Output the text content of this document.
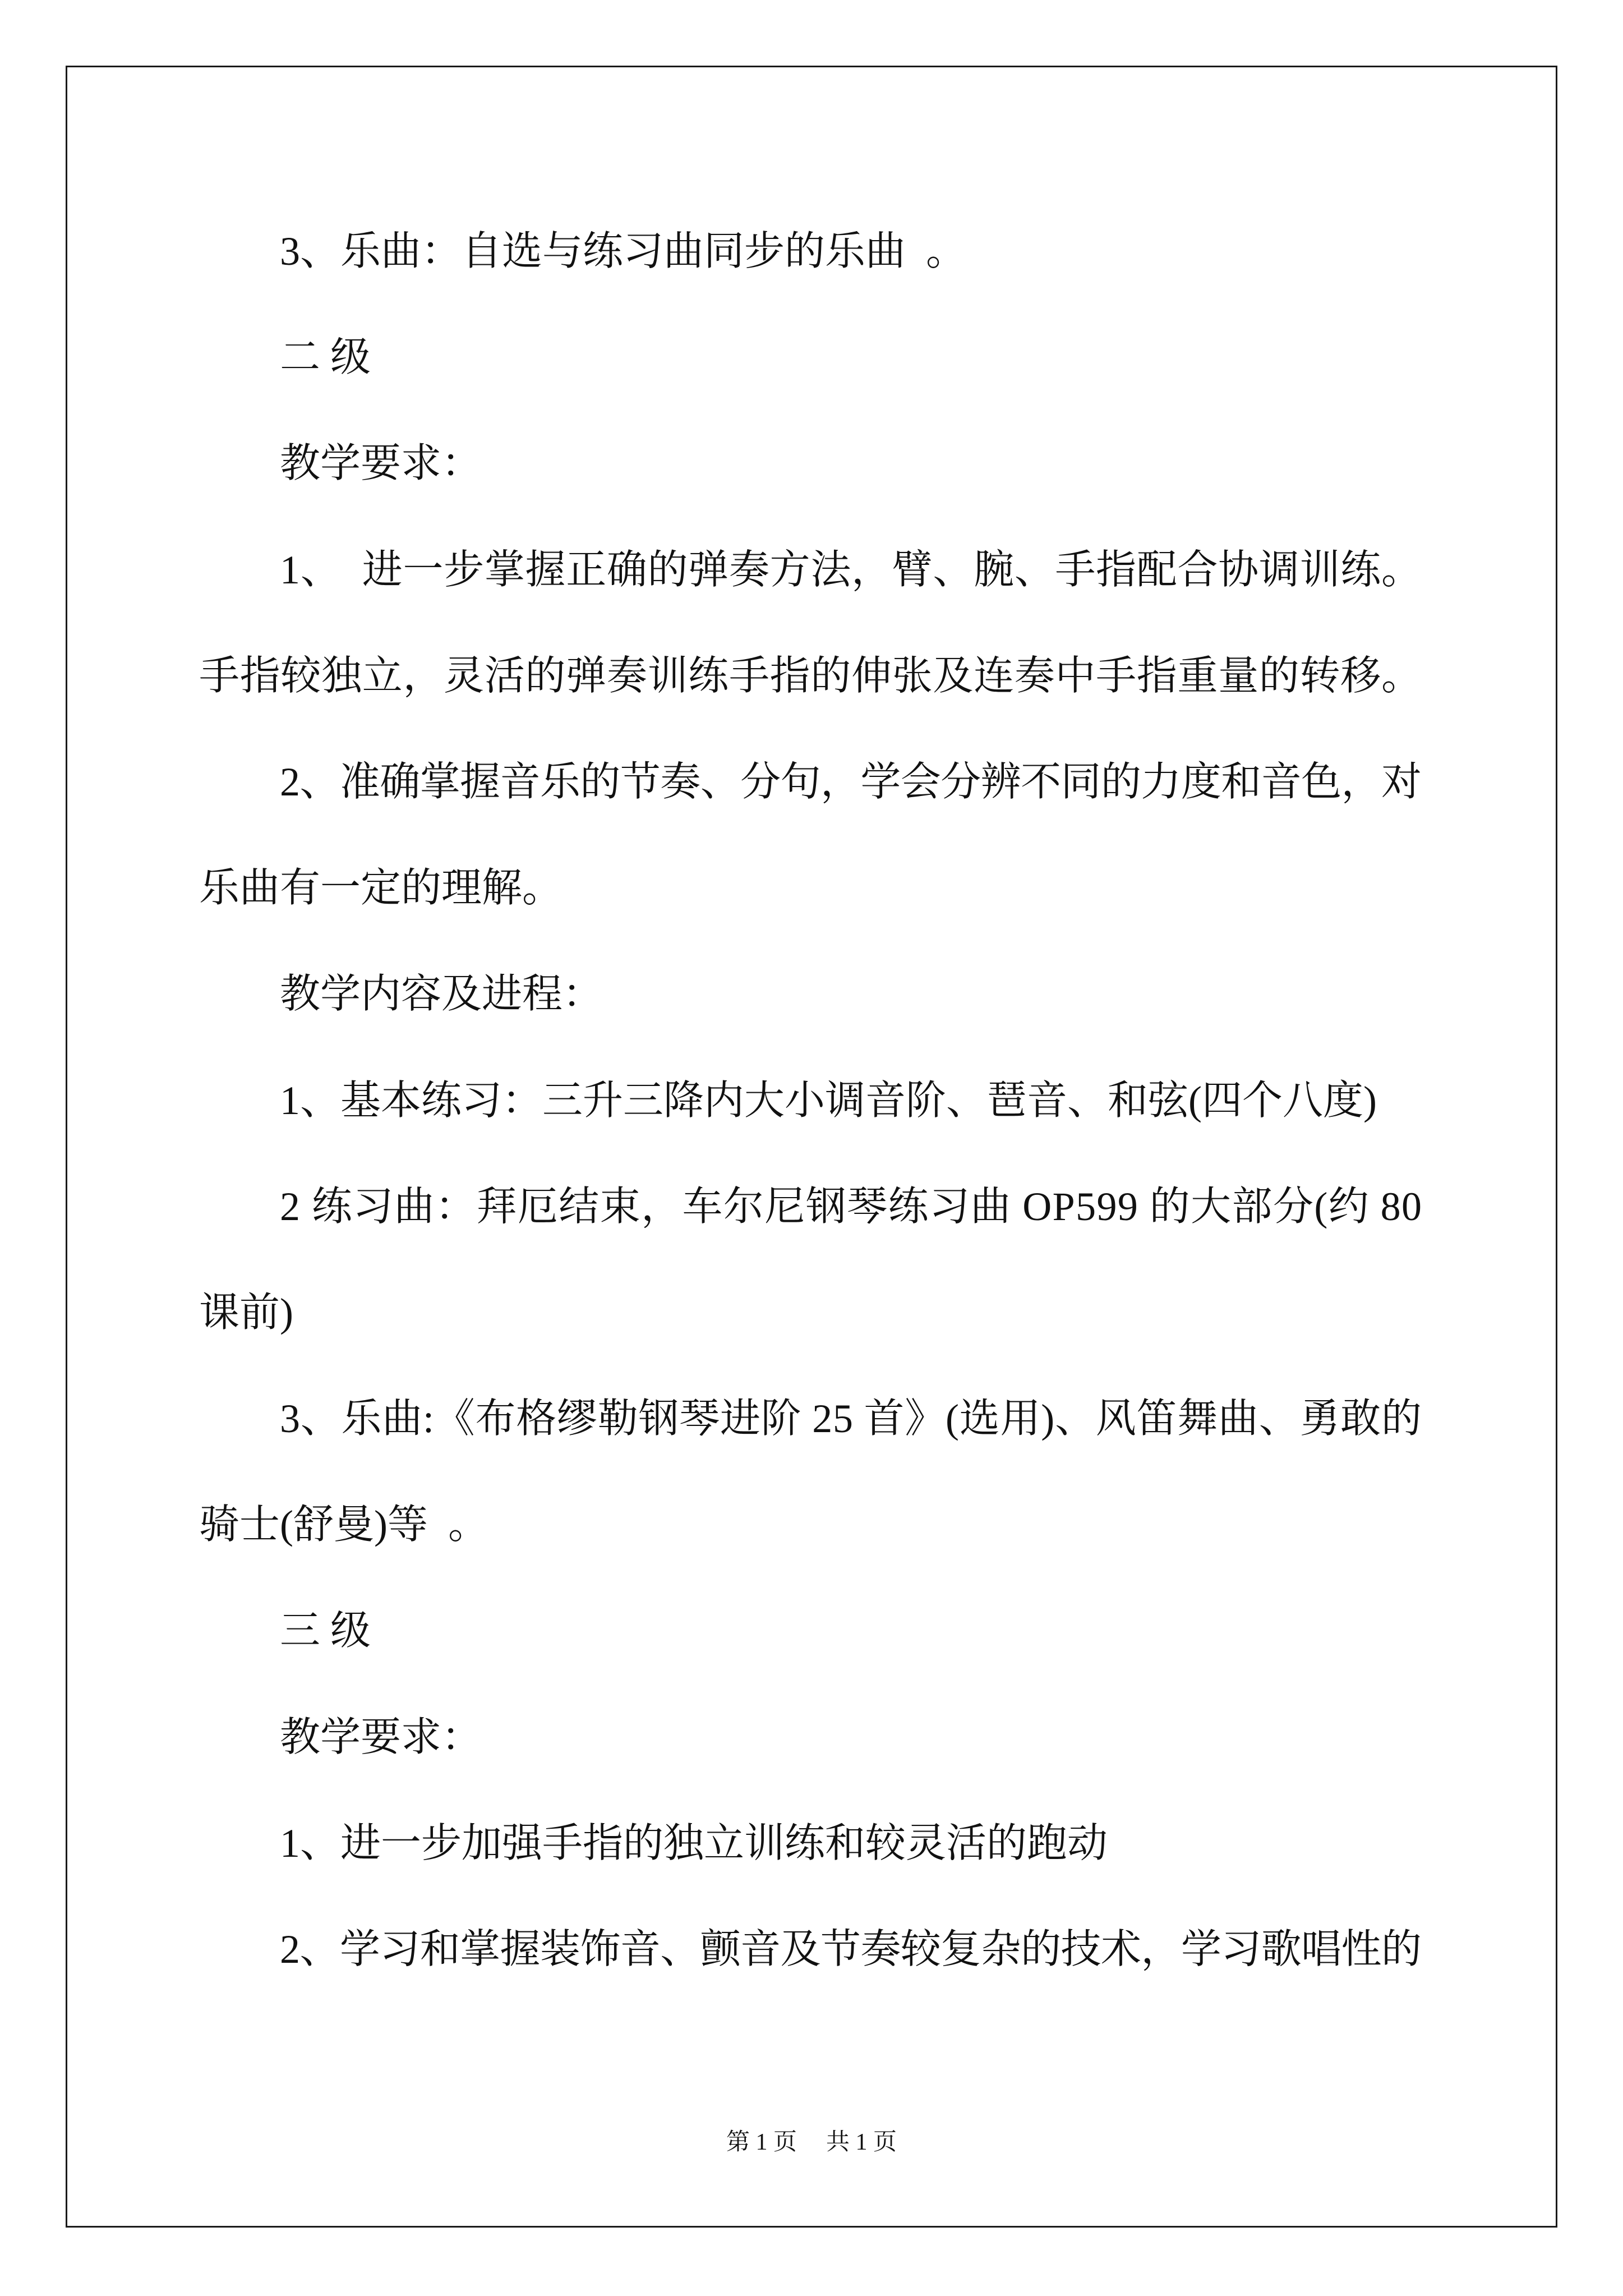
3、乐曲：自选与练习曲同步的乐曲  。
二 级
教学要求：
1、  进一步掌握正确的弹奏方法，臂、腕、手指配合协调训练。
手指较独立，灵活的弹奏训练手指的伸张及连奏中手指重量的转移。
2、准确掌握音乐的节奏、分句，学会分辨不同的力度和音色，对
乐曲有一定的理解。
教学内容及进程：
1、基本练习：三升三降内大小调音阶、琶音、和弦(四个八度)
2 练习曲：拜厄结束，车尔尼钢琴练习曲 OP599 的大部分(约 80
课前)
3、乐曲:《布格缪勒钢琴进阶 25 首》(选用)、风笛舞曲、勇敢的
骑士(舒曼)等  。
三 级
教学要求：
1、进一步加强手指的独立训练和较灵活的跑动
2、学习和掌握装饰音、颤音及节奏较复杂的技术，学习歌唱性的
第 1 页 共 1 页
